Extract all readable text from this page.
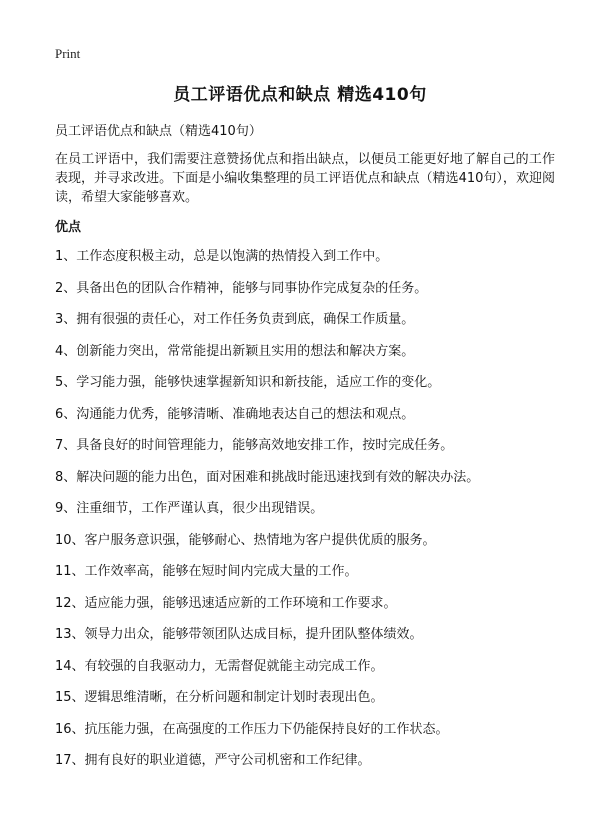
Print
员工评语优点和缺点 精选410句

员工评语优点和缺点（精选410句）

在员工评语中，我们需要注意赞扬优点和指出缺点，以便员工能更好地了解自己的工作表现，并寻求改进。下面是小编收集整理的员工评语优点和缺点（精选410句），欢迎阅读，希望大家能够喜欢。

优点
1、工作态度积极主动，总是以饱满的热情投入到工作中。
2、具备出色的团队合作精神，能够与同事协作完成复杂的任务。
3、拥有很强的责任心，对工作任务负责到底，确保工作质量。
4、创新能力突出，常常能提出新颖且实用的想法和解决方案。
5、学习能力强，能够快速掌握新知识和新技能，适应工作的变化。
6、沟通能力优秀，能够清晰、准确地表达自己的想法和观点。
7、具备良好的时间管理能力，能够高效地安排工作，按时完成任务。
8、解决问题的能力出色，面对困难和挑战时能迅速找到有效的解决办法。
9、注重细节，工作严谨认真，很少出现错误。
10、客户服务意识强，能够耐心、热情地为客户提供优质的服务。
11、工作效率高，能够在短时间内完成大量的工作。
12、适应能力强，能够迅速适应新的工作环境和工作要求。
13、领导力出众，能够带领团队达成目标，提升团队整体绩效。
14、有较强的自我驱动力，无需督促就能主动完成工作。
15、逻辑思维清晰，在分析问题和制定计划时表现出色。
16、抗压能力强，在高强度的工作压力下仍能保持良好的工作状态。
17、拥有良好的职业道德，严守公司机密和工作纪律。
